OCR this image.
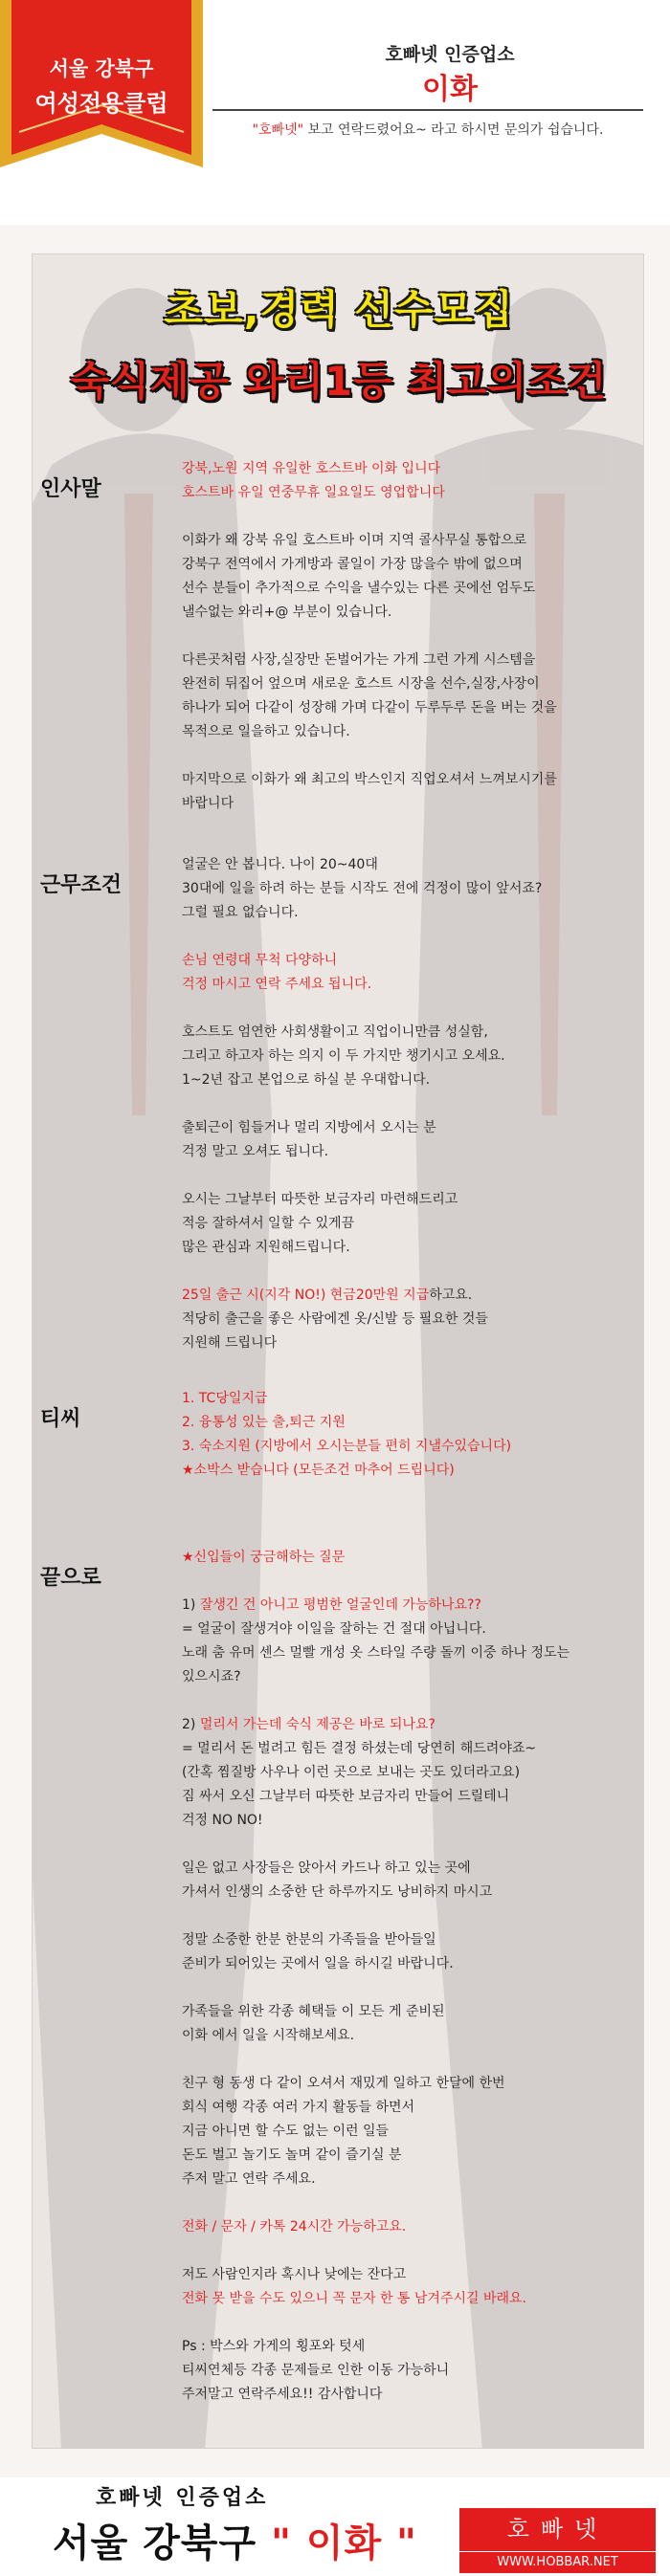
서울 강북구
여성전용클럽
호빠넷 인증업소
이화
"호빠넷" 보고 연락드렸어요~ 라고 하시면 문의가 쉽습니다.
초보,경력 선수모집
숙식제공 와리1등 최고의조건
인사말

강북,노원 지역 유일한 호스트바 이화 입니다
호스트바 유일 연중무휴 일요일도 영업합니다

이화가 왜 강북 유일 호스트바 이며 지역 콜사무실 통합으로
강북구 전역에서 가게방과 콜일이 가장 많을수 밖에 없으며
선수 분들이 추가적으로 수익을 낼수있는 다른 곳에선 엄두도
낼수없는 와리+@ 부분이 있습니다.

다른곳처럼 사장,실장만 돈벌어가는 가게 그런 가게 시스템을
완전히 뒤집어 엎으며 새로운 호스트 시장을 선수,실장,사장이
하나가 되어 다같이 성장해 가며 다같이 두루두루 돈을 버는 것을
목적으로 일을하고 있습니다.

마지막으로 이화가 왜 최고의 박스인지 직업오셔서 느껴보시기를
바랍니다

근무조건

얼굴은 안 봅니다. 나이 20~40대
30대에 일을 하려 하는 분들 시작도 전에 걱정이 많이 앞서죠?
그럴 필요 없습니다.

손님 연령대 무척 다양하니
걱정 마시고 연락 주세요 됩니다.

호스트도 엄연한 사회생활이고 직업이니만큼 성실함,
그리고 하고자 하는 의지 이 두 가지만 챙기시고 오세요.
1~2년 잡고 본업으로 하실 분 우대합니다.

출퇴근이 힘들거나 멀리 지방에서 오시는 분
걱정 말고 오셔도 됩니다.

오시는 그날부터 따뜻한 보금자리 마련해드리고
적응 잘하셔서 일할 수 있게끔
많은 관심과 지원해드립니다.

25일 출근 시(지각 NO!) 현금20만원 지급하고요.
적당히 출근을 좋은 사람에겐 옷/신발 등 필요한 것들
지원해 드립니다

티씨

1. TC당일지급
2. 융통성 있는 출,퇴근 지원
3. 숙소지원 (지방에서 오시는분들 편히 지낼수있습니다)
★소박스 받습니다 (모든조건 마추어 드립니다)

끝으로

★신입들이 궁금해하는 질문

1) 잘생긴 건 아니고 평범한 얼굴인데 가능하나요??
= 얼굴이 잘생겨야 이일을 잘하는 건 절대 아닙니다.
노래 춤 유머 센스 멀빨 개성 옷 스타일 주량 돌끼 이중 하나 정도는
있으시죠?

2) 멀리서 가는데 숙식 제공은 바로 되나요?
= 멀리서 돈 벌려고 힘든 결정 하셨는데 당연히 해드려야죠~
(간혹 찜질방 사우나 이런 곳으로 보내는 곳도 있더라고요)
짐 싸서 오신 그날부터 따뜻한 보금자리 만들어 드릴테니
걱정 NO NO!

일은 없고 사장들은 앉아서 카드나 하고 있는 곳에
가셔서 인생의 소중한 단 하루까지도 낭비하지 마시고

정말 소중한 한분 한분의 가족들을 받아들일
준비가 되어있는 곳에서 일을 하시길 바랍니다.

가족들을 위한 각종 혜택들 이 모든 게 준비된
이화 에서 일을 시작해보세요.

친구 형 동생 다 같이 오셔서 재밌게 일하고 한달에 한번
회식 여행 각종 여러 가지 활동들 하면서
지금 아니면 할 수도 없는 이런 일들
돈도 벌고 놀기도 놀며 같이 즐기실 분
주저 말고 연락 주세요.

전화 / 문자 / 카톡 24시간 가능하고요.

저도 사람인지라 혹시나 낮에는 잔다고
전화 못 받을 수도 있으니 꼭 문자 한 통 남겨주시길 바래요.

Ps : 박스와 가게의 횡포와 텃세
티씨연체등 각종 문제들로 인한 이동 가능하니
주저말고 연락주세요!! 감사합니다

호빠넷 인증업소
서울 강북구 " 이화 "	호빠넷
WWW.HOBBAR.NET
